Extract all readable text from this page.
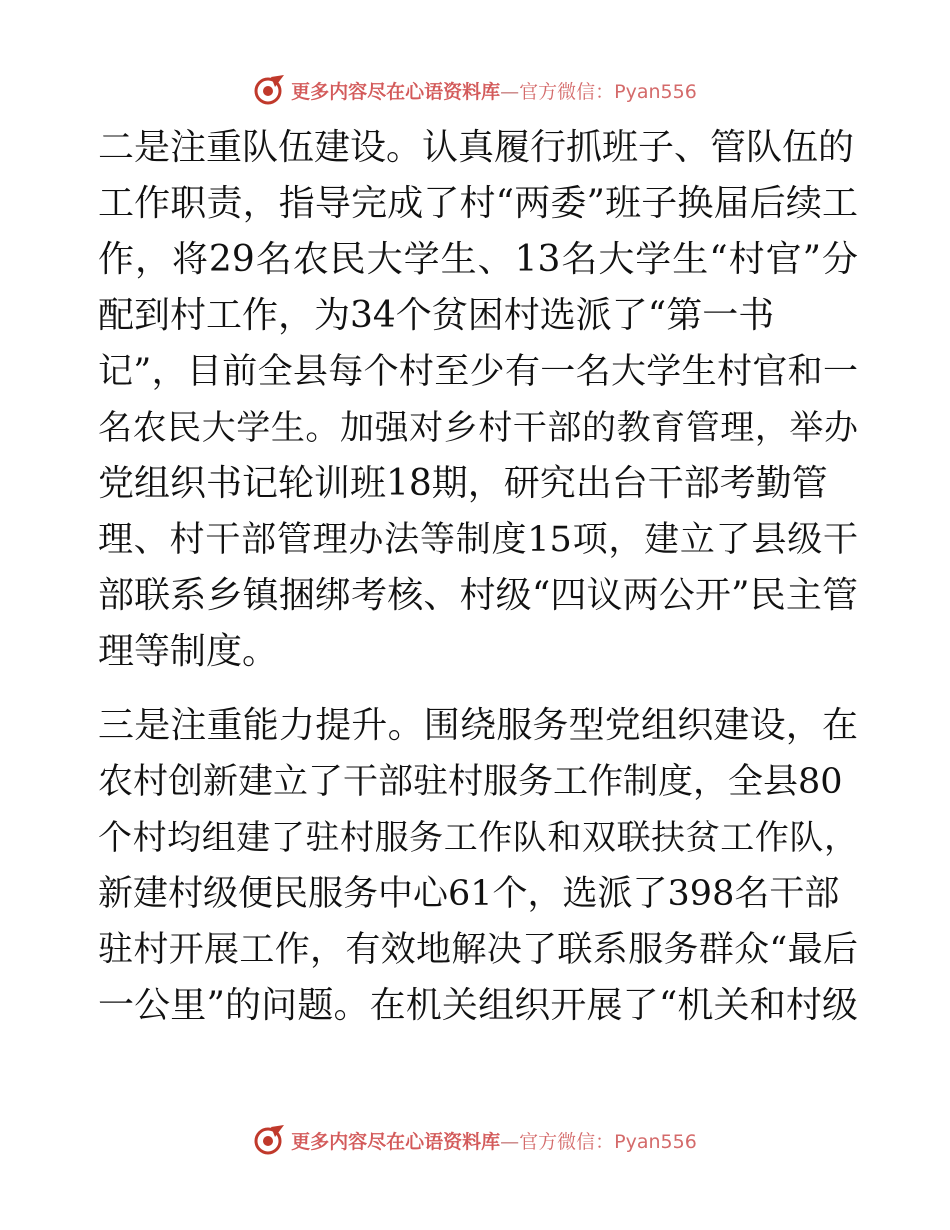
更多内容尽在心语资料库—官方微信：Pyan556

二是注重队伍建设。认真履行抓班子、管队伍的
工作职责，指导完成了村“两委”班子换届后续工
作，将29名农民大学生、13名大学生“村官”分
配到村工作，为34个贫困村选派了“第一书
记”，目前全县每个村至少有一名大学生村官和一
名农民大学生。加强对乡村干部的教育管理，举办
党组织书记轮训班18期，研究出台干部考勤管
理、村干部管理办法等制度15项，建立了县级干
部联系乡镇捆绑考核、村级“四议两公开”民主管
理等制度。

三是注重能力提升。围绕服务型党组织建设，在
农村创新建立了干部驻村服务工作制度，全县80
个村均组建了驻村服务工作队和双联扶贫工作队，
新建村级便民服务中心61个，选派了398名干部
驻村开展工作，有效地解决了联系服务群众“最后
一公里”的问题。在机关组织开展了“机关和村级

更多内容尽在心语资料库—官方微信：Pyan556
